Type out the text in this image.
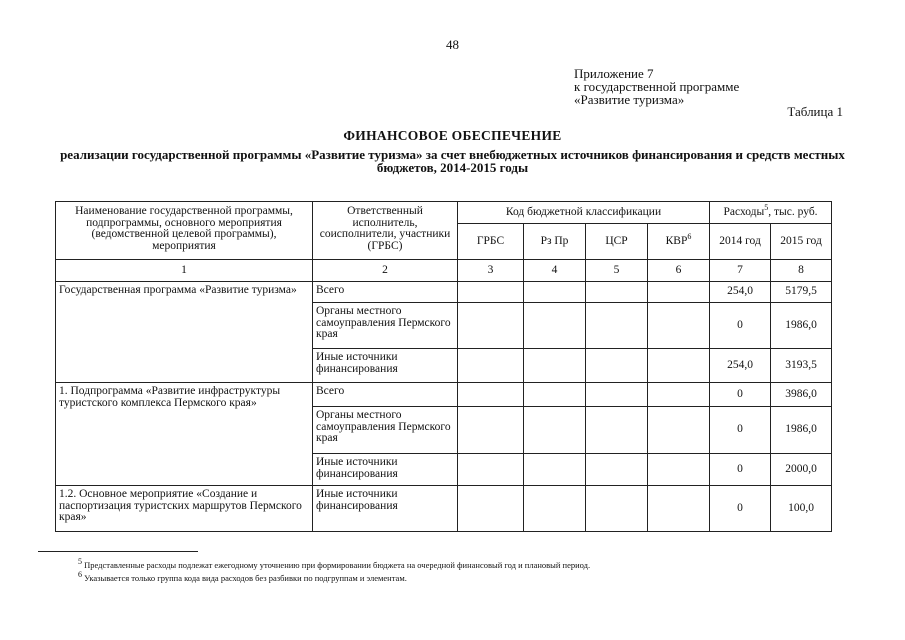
48
Приложение 7
к государственной программе
«Развитие туризма»
Таблица 1
ФИНАНСОВОЕ ОБЕСПЕЧЕНИЕ
реализации государственной программы «Развитие туризма» за счет внебюджетных источников финансирования и средств местных бюджетов, 2014-2015 годы
Наименование государственной программы, подпрограммы, основного мероприятия (ведомственной целевой программы), мероприятия	Ответственный исполнитель, соисполнители, участники (ГРБС)	Код бюджетной классификации				Расходы$^5$, тыс. руб.	
		ГРБС	Рз Пр	ЦСР	КВР$^6$	2014 год	2015 год
1	2	3	4	5	6	7	8
Государственная программа «Развитие туризма»	Всего					254,0	5179,5
	Органы местного самоуправления Пермского края					0	1986,0
	Иные источники финансирования					254,0	3193,5
1. Подпрограмма «Развитие инфраструктуры туристского комплекса Пермского края»	Всего					0	3986,0
	Органы местного самоуправления Пермского края					0	1986,0
	Иные источники финансирования					0	2000,0
1.2. Основное мероприятие «Создание и паспортизация туристских маршрутов Пермского края»	Иные источники финансирования					0	100,0
5 Представленные расходы подлежат ежегодному уточнению при формировании бюджета на очередной финансовый год и плановый период.
6 Указывается только группа кода вида расходов без разбивки по подгруппам и элементам.
